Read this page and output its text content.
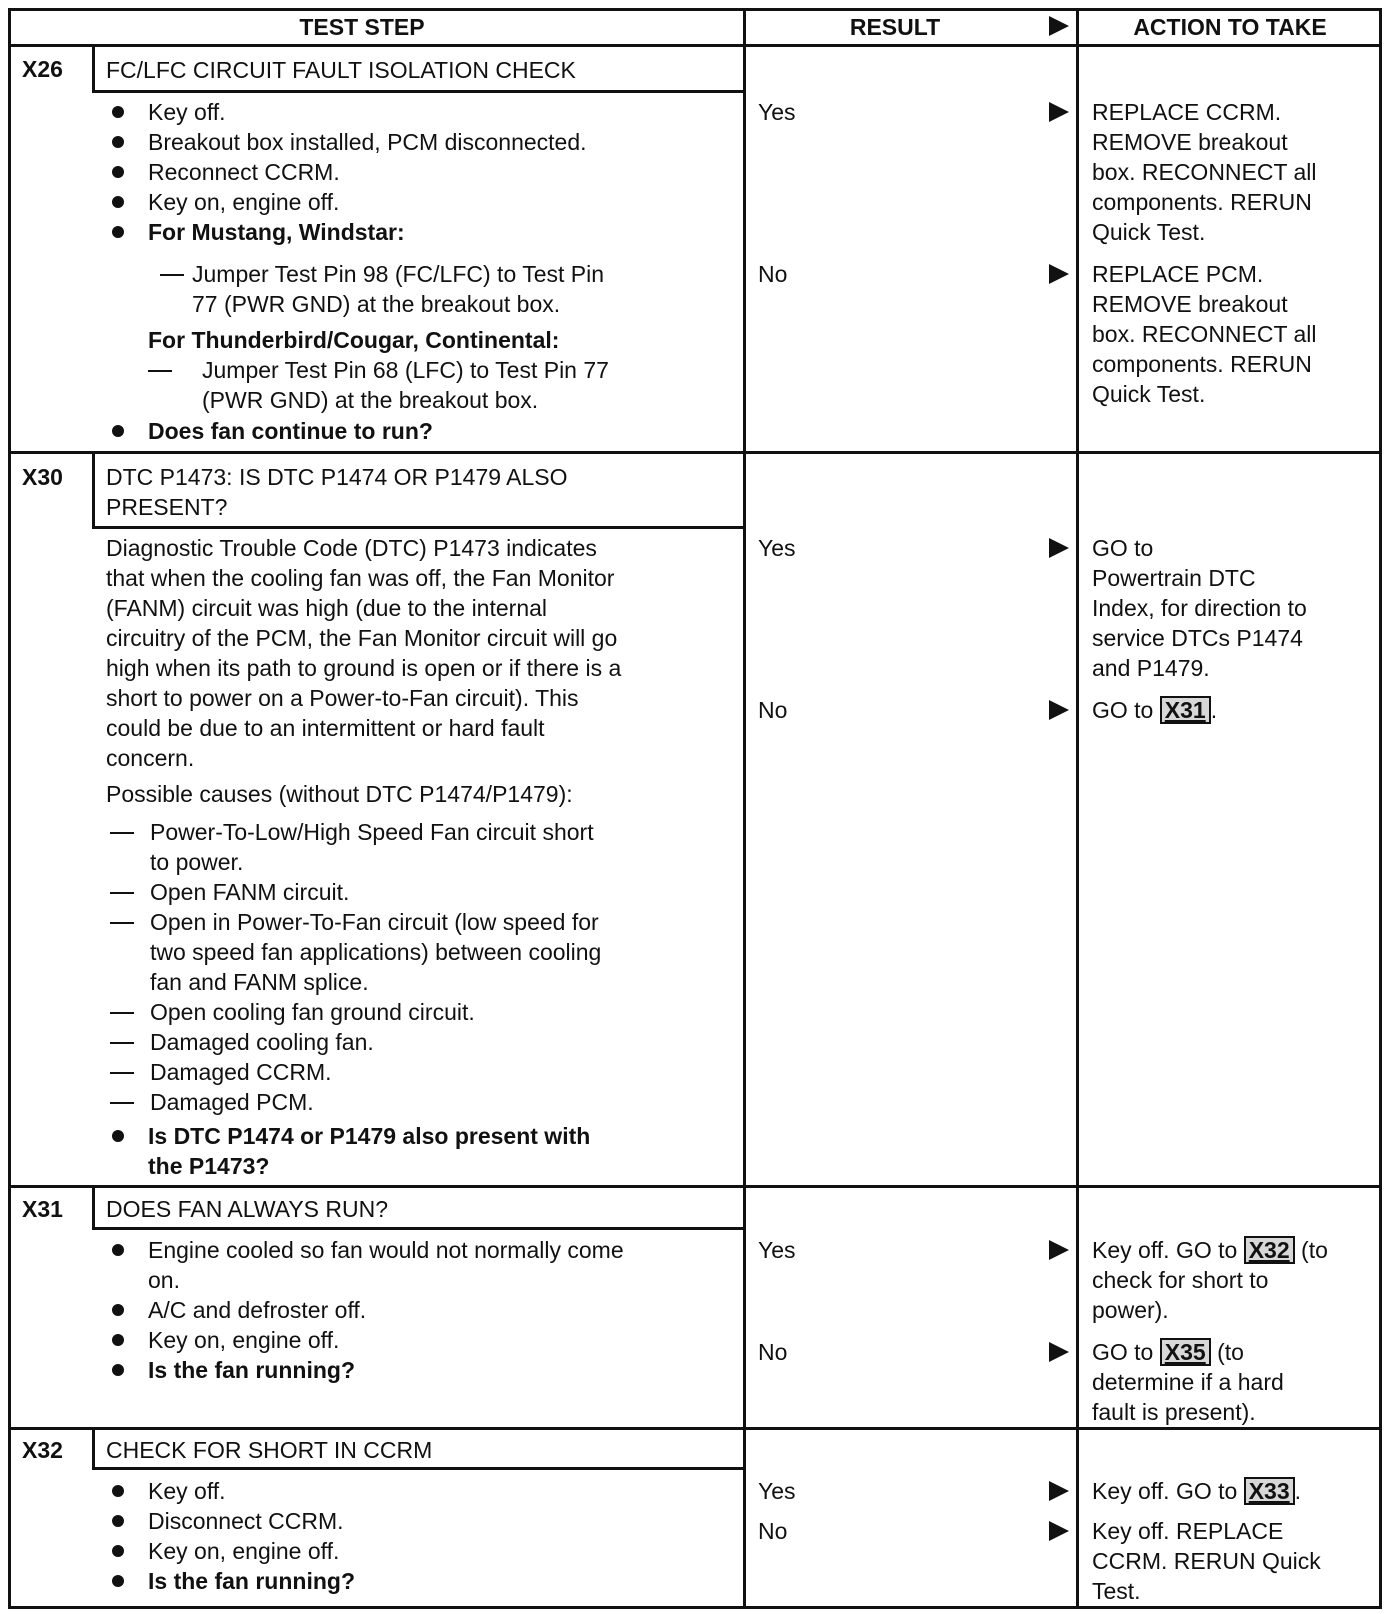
TEST STEP	RESULT	ACTION TO TAKE
X26 FC/LFC CIRCUIT FAULT ISOLATION CHECK
Key off.
Breakout box installed, PCM disconnected.
Reconnect CCRM.
Key on, engine off.
For Mustang, Windstar:
Jumper Test Pin 98 (FC/LFC) to Test Pin
77 (PWR GND) at the breakout box.
For Thunderbird/Cougar, Continental:
Jumper Test Pin 68 (LFC) to Test Pin 77
(PWR GND) at the breakout box.
Does fan continue to run?
Yes
No
REPLACE CCRM.
REMOVE breakout
box. RECONNECT all
components. RERUN
Quick Test.
REPLACE PCM.
REMOVE breakout
box. RECONNECT all
components. RERUN
Quick Test.
X30 DTC P1473: IS DTC P1474 OR P1479 ALSO
PRESENT?
Diagnostic Trouble Code (DTC) P1473 indicates
that when the cooling fan was off, the Fan Monitor
(FANM) circuit was high (due to the internal
circuitry of the PCM, the Fan Monitor circuit will go
high when its path to ground is open or if there is a
short to power on a Power-to-Fan circuit). This
could be due to an intermittent or hard fault
concern.
Possible causes (without DTC P1474/P1479):
Power-To-Low/High Speed Fan circuit short
to power.
Open FANM circuit.
Open in Power-To-Fan circuit (low speed for
two speed fan applications) between cooling
fan and FANM splice.
Open cooling fan ground circuit.
Damaged cooling fan.
Damaged CCRM.
Damaged PCM.
Is DTC P1474 or P1479 also present with
the P1473?
Yes
No
GO to
Powertrain DTC
Index, for direction to
service DTCs P1474
and P1479.
GO to X31 .
X31 DOES FAN ALWAYS RUN?
Engine cooled so fan would not normally come
on.
A/C and defroster off.
Key on, engine off.
Is the fan running?
Yes
No
Key off. GO to X32 (to
check for short to
power).
GO to X35 (to
determine if a hard
fault is present).
X32 CHECK FOR SHORT IN CCRM
Key off.
Disconnect CCRM.
Key on, engine off.
Is the fan running?
Yes
No
Key off. GO to X33 .
Key off. REPLACE
CCRM. RERUN Quick
Test.
